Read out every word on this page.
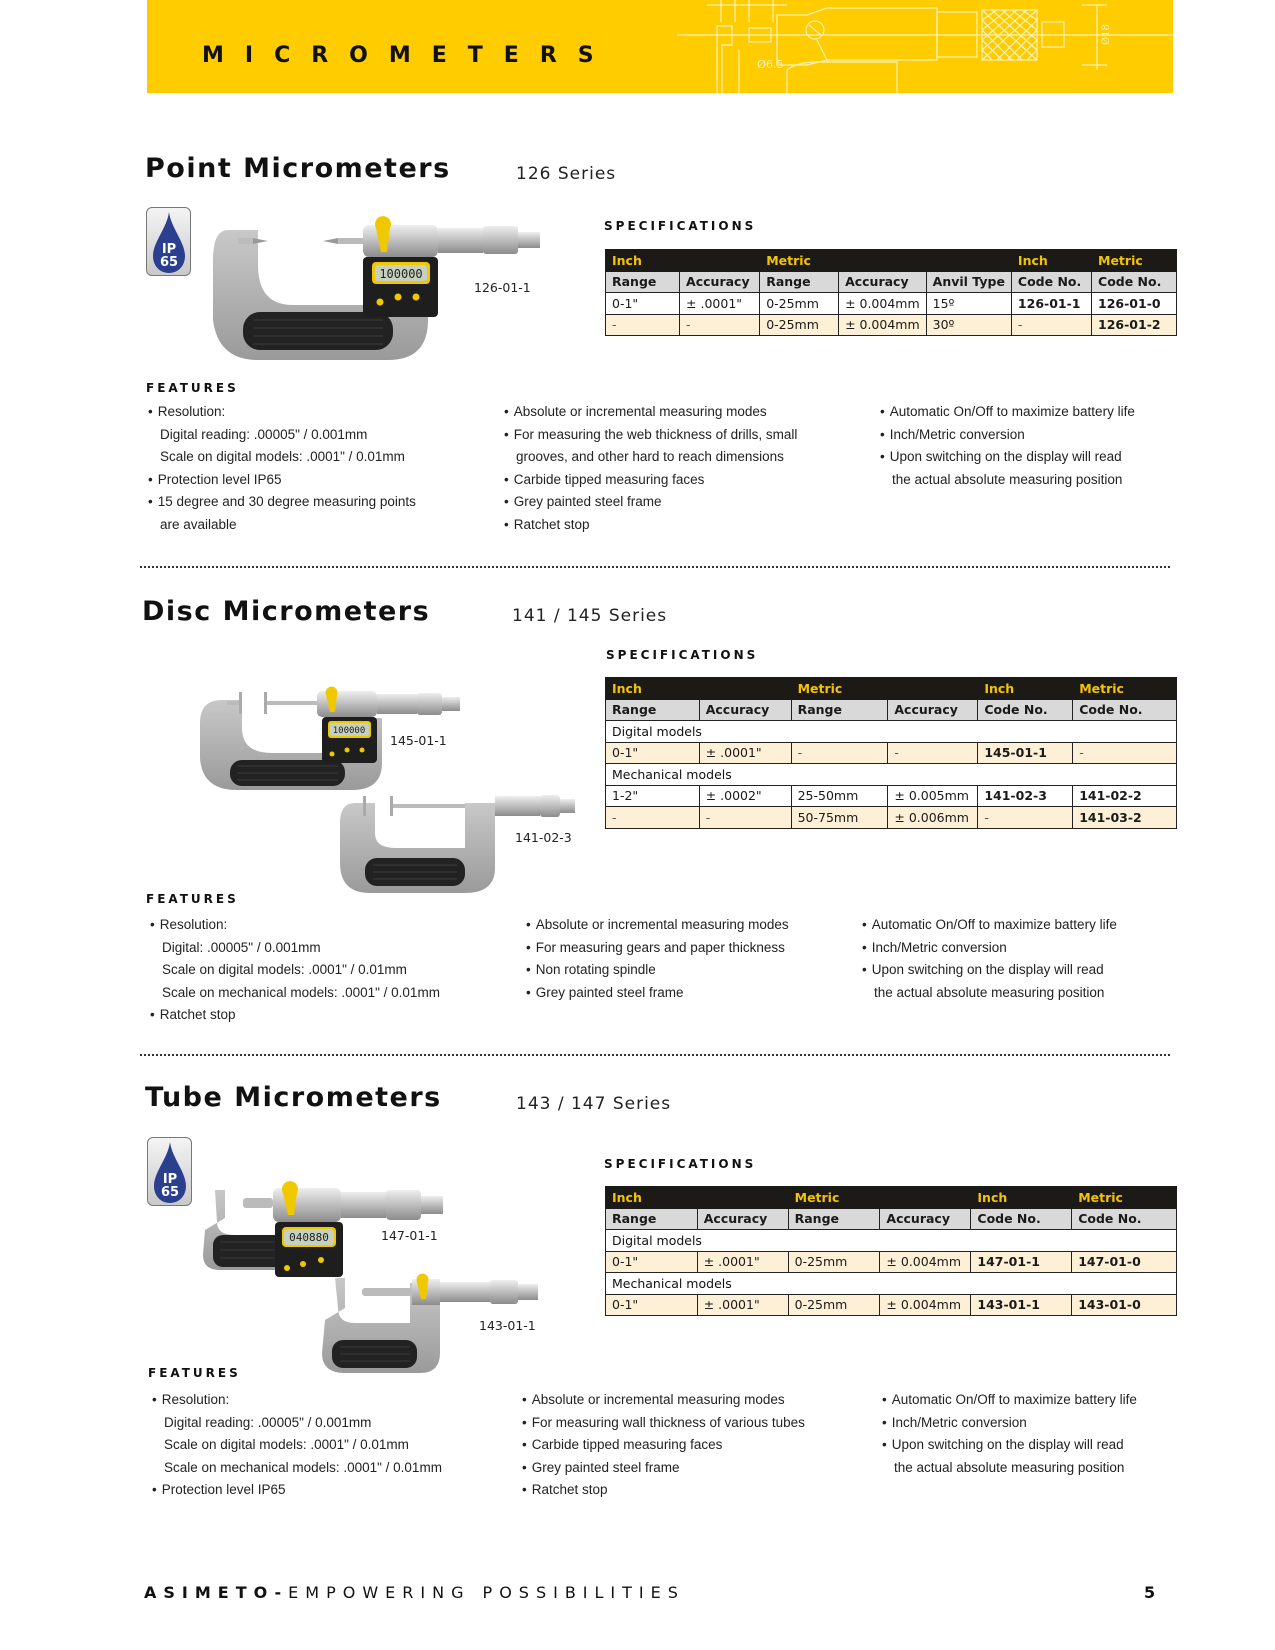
MICROMETERS	Ø6.5
Ø18
Point Micrometers	126 Series
IP
65
100000
126-01-1
SPECIFICATIONS
Inch		Metric			Inch	Metric
Range	Accuracy	Range	Accuracy	Anvil Type	Code No.	Code No.
0-1"	± .0001"	0-25mm	± 0.004mm	15º	126-01-1	126-01-0
-	-	0-25mm	± 0.004mm	30º	-	126-01-2
FEATURES
• Resolution:
Digital reading: .00005" / 0.001mm
Scale on digital models: .0001" / 0.01mm
• Protection level IP65
• 15 degree and 30 degree measuring points
are available
• Absolute or incremental measuring modes
• For measuring the web thickness of drills, small
grooves, and other hard to reach dimensions
• Carbide tipped measuring faces
• Grey painted steel frame
• Ratchet stop
• Automatic On/Off to maximize battery life
• Inch/Metric conversion
• Upon switching on the display will read
the actual absolute measuring position
Disc Micrometers	141 / 145 Series
100000
145-01-1
141-02-3
SPECIFICATIONS
Inch		Metric		Inch	Metric
Range	Accuracy	Range	Accuracy	Code No.	Code No.
Digital models					
0-1"	± .0001"	-	-	145-01-1	-
Mechanical models					
1-2"	± .0002"	25-50mm	± 0.005mm	141-02-3	141-02-2
-	-	50-75mm	± 0.006mm	-	141-03-2
FEATURES
• Resolution:
Digital: .00005" / 0.001mm
Scale on digital models: .0001" / 0.01mm
Scale on mechanical models: .0001" / 0.01mm
• Ratchet stop
• Absolute or incremental measuring modes
• For measuring gears and paper thickness
• Non rotating spindle
• Grey painted steel frame
• Automatic On/Off to maximize battery life
• Inch/Metric conversion
• Upon switching on the display will read
the actual absolute measuring position
Tube Micrometers	143 / 147 Series
IP
65
040880	147-01-1
143-01-1
SPECIFICATIONS
Inch		Metric		Inch	Metric
Range	Accuracy	Range	Accuracy	Code No.	Code No.
Digital models					
0-1"	± .0001"	0-25mm	± 0.004mm	147-01-1	147-01-0
Mechanical models					
0-1"	± .0001"	0-25mm	± 0.004mm	143-01-1	143-01-0
FEATURES
• Resolution:
Digital reading: .00005" / 0.001mm
Scale on digital models: .0001" / 0.01mm
Scale on mechanical models: .0001" / 0.01mm
• Protection level IP65
• Absolute or incremental measuring modes
• For measuring wall thickness of various tubes
• Carbide tipped measuring faces
• Grey painted steel frame
• Ratchet stop
• Automatic On/Off to maximize battery life
• Inch/Metric conversion
• Upon switching on the display will read
the actual absolute measuring position
ASIMETO-EMPOWERING POSSIBILITIES	5
